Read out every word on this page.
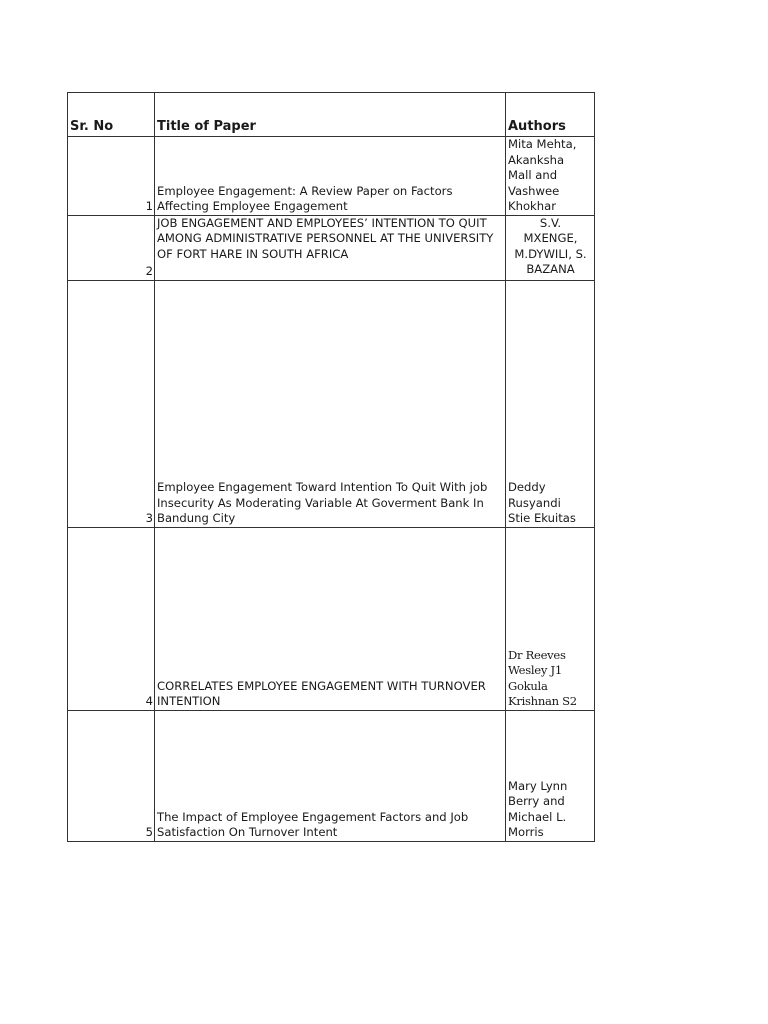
Sr. No	Title of Paper	Authors
1	Employee Engagement: A Review Paper on Factors Affecting Employee Engagement	Mita Mehta,
Akanksha
Mall and
Vashwee
Khokhar
2	JOB ENGAGEMENT AND EMPLOYEES’ INTENTION TO QUIT AMONG ADMINISTRATIVE PERSONNEL AT THE UNIVERSITY OF FORT HARE IN SOUTH AFRICA	S.V.
MXENGE,
M.DYWILI, S.
BAZANA
3	Employee Engagement Toward Intention To Quit With job Insecurity As Moderating Variable At Goverment Bank In Bandung City	Deddy
Rusyandi
Stie Ekuitas
4	CORRELATES EMPLOYEE ENGAGEMENT WITH TURNOVER INTENTION	Dr Reeves
Wesley J1
Gokula
Krishnan S2
5	The Impact of Employee Engagement Factors and Job Satisfaction On Turnover Intent	Mary Lynn
Berry and
Michael L.
Morris
